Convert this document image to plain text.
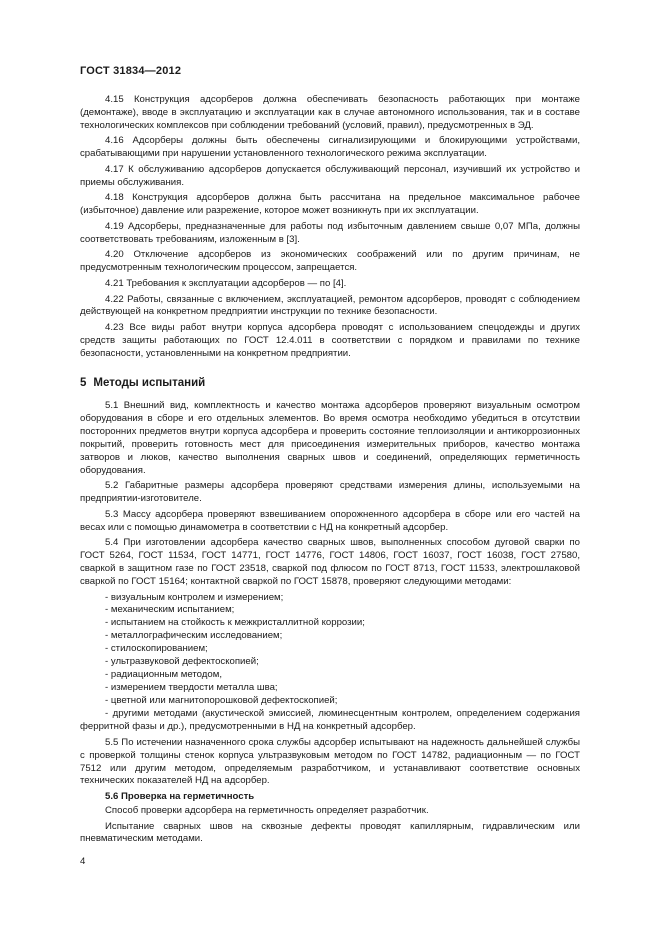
ГОСТ 31834—2012

4.15 Конструкция адсорберов должна обеспечивать безопасность работающих при монтаже (демонтаже), вводе в эксплуатацию и эксплуатации как в случае автономного использования, так и в составе технологических комплексов при соблюдении требований (условий, правил), предусмотренных в ЭД.

4.16 Адсорберы должны быть обеспечены сигнализирующими и блокирующими устройствами, срабатывающими при нарушении установленного технологического режима эксплуатации.

4.17 К обслуживанию адсорберов допускается обслуживающий персонал, изучивший их устройство и приемы обслуживания.

4.18 Конструкция адсорберов должна быть рассчитана на предельное максимальное рабочее (избыточное) давление или разрежение, которое может возникнуть при их эксплуатации.

4.19 Адсорберы, предназначенные для работы под избыточным давлением свыше 0,07 МПа, должны соответствовать требованиям, изложенным в [3].

4.20 Отключение адсорберов из экономических соображений или по другим причинам, не предусмотренным технологическим процессом, запрещается.

4.21 Требования к эксплуатации адсорберов — по [4].

4.22 Работы, связанные с включением, эксплуатацией, ремонтом адсорберов, проводят с соблюдением действующей на конкретном предприятии инструкции по технике безопасности.

4.23 Все виды работ внутри корпуса адсорбера проводят с использованием спецодежды и других средств защиты работающих по ГОСТ 12.4.011 в соответствии с порядком и правилами по технике безопасности, установленными на конкретном предприятии.

5 Методы испытаний

5.1 Внешний вид, комплектность и качество монтажа адсорберов проверяют визуальным осмотром оборудования в сборе и его отдельных элементов. Во время осмотра необходимо убедиться в отсутствии посторонних предметов внутри корпуса адсорбера и проверить состояние теплоизоляции и антикоррозионных покрытий, проверить готовность мест для присоединения измерительных приборов, качество монтажа затворов и люков, качество выполнения сварных швов и соединений, определяющих герметичность оборудования.

5.2 Габаритные размеры адсорбера проверяют средствами измерения длины, используемыми на предприятии-изготовителе.

5.3 Массу адсорбера проверяют взвешиванием опорожненного адсорбера в сборе или его частей на весах или с помощью динамометра в соответствии с НД на конкретный адсорбер.

5.4 При изготовлении адсорбера качество сварных швов, выполненных способом дуговой сварки по ГОСТ 5264, ГОСТ 11534, ГОСТ 14771, ГОСТ 14776, ГОСТ 14806, ГОСТ 16037, ГОСТ 16038, ГОСТ 27580, сваркой в защитном газе по ГОСТ 23518, сваркой под флюсом по ГОСТ 8713, ГОСТ 11533, электрошлаковой сваркой по ГОСТ 15164; контактной сваркой по ГОСТ 15878, проверяют следующими методами:

- визуальным контролем и измерением;
- механическим испытанием;
- испытанием на стойкость к межкристаллитной коррозии;
- металлографическим исследованием;
- стилоскопированием;
- ультразвуковой дефектоскопией;
- радиационным методом,
- измерением твердости металла шва;
- цветной или магнитопорошковой дефектоскопией;

- другими методами (акустической эмиссией, люминесцентным контролем, определением содержания ферритной фазы и др.), предусмотренными в НД на конкретный адсорбер.

5.5 По истечении назначенного срока службы адсорбер испытывают на надежность дальнейшей службы с проверкой толщины стенок корпуса ультразвуковым методом по ГОСТ 14782, радиационным — по ГОСТ 7512 или другим методом, определяемым разработчиком, и устанавливают соответствие основных технических показателей НД на адсорбер.

5.6 Проверка на герметичность

Способ проверки адсорбера на герметичность определяет разработчик.

Испытание сварных швов на сквозные дефекты проводят капиллярным, гидравлическим или пневматическим методами.

4
